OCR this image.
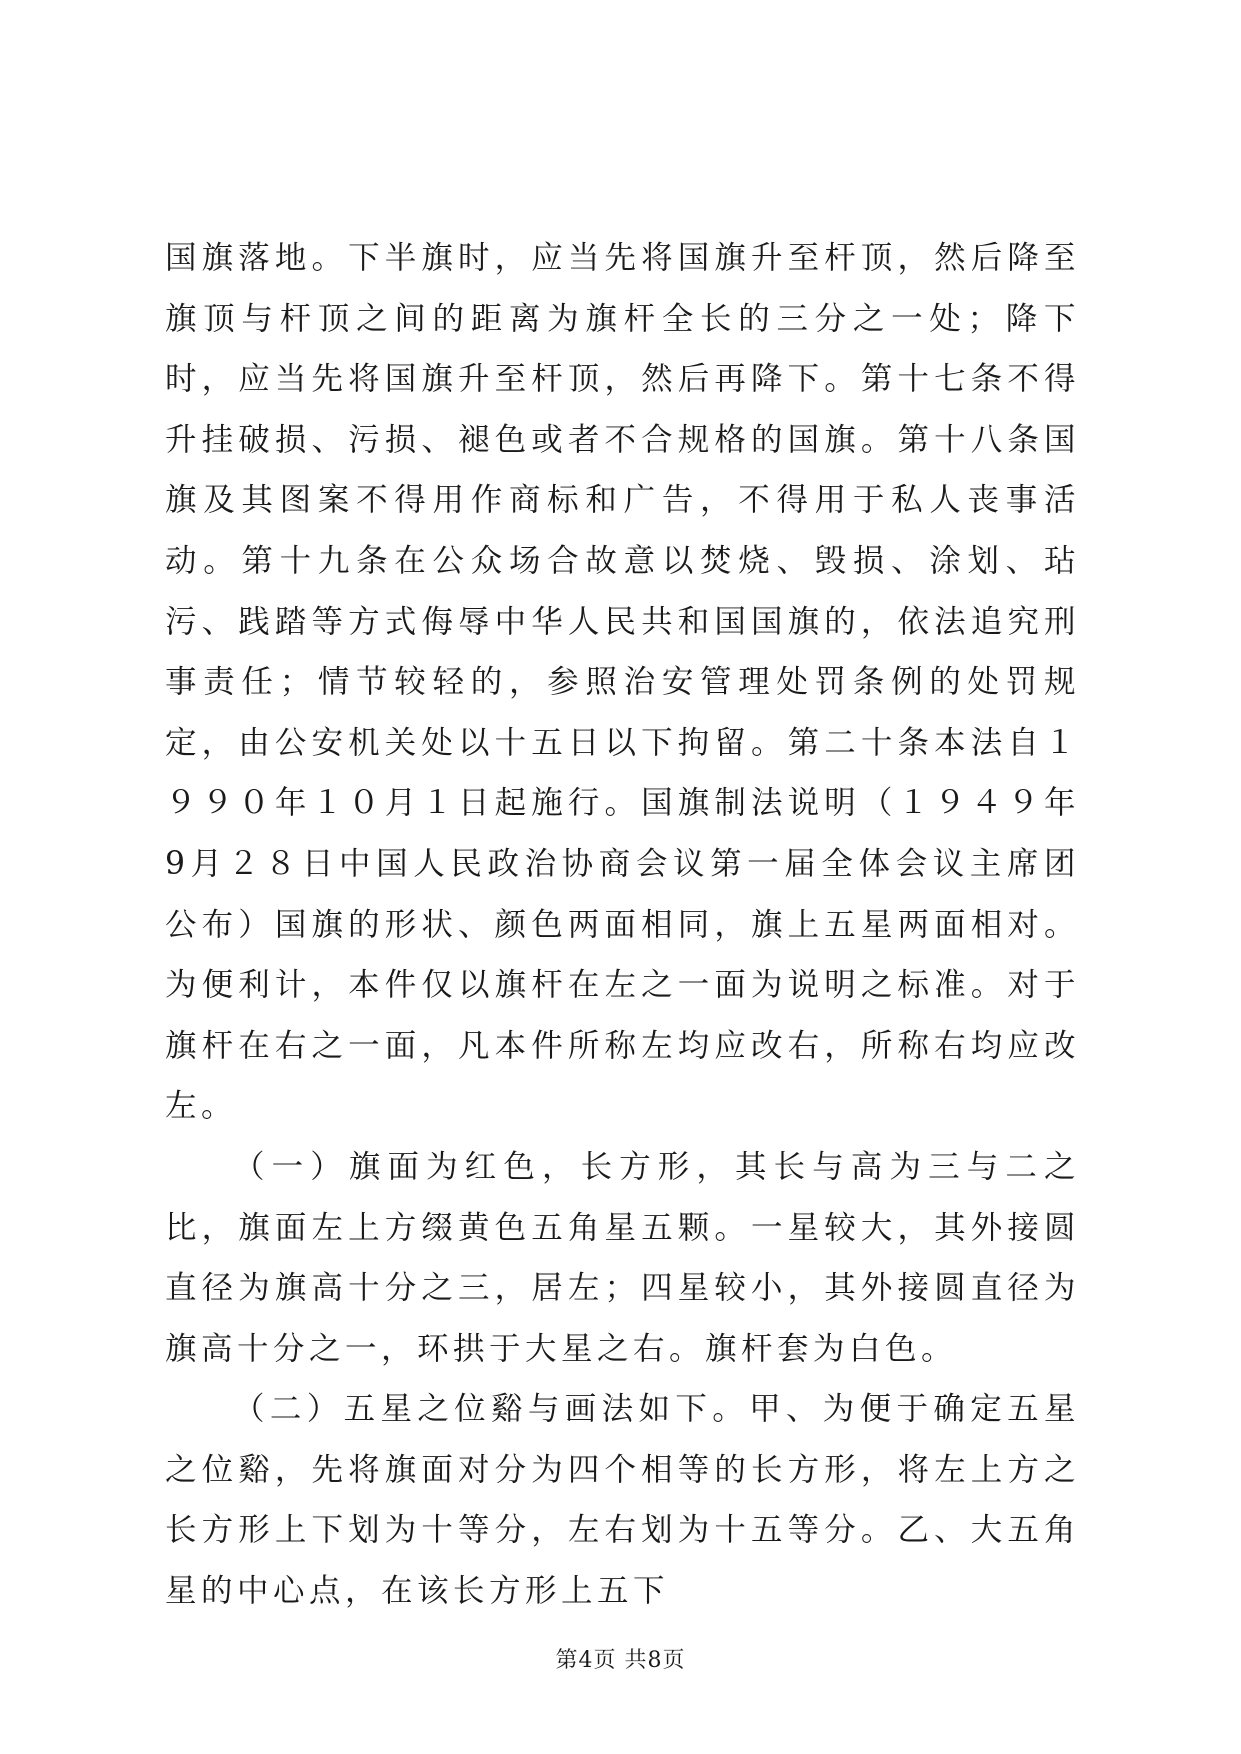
国旗落地。下半旗时，应当先将国旗升至杆顶，然后降至旗顶与杆顶之间的距离为旗杆全长的三分之一处；降下时，应当先将国旗升至杆顶，然后再降下。第十七条不得升挂破损、污损、褪色或者不合规格的国旗。第十八条国旗及其图案不得用作商标和广告，不得用于私人丧事活动。第十九条在公众场合故意以焚烧、毁损、涂划、玷污、践踏等方式侮辱中华人民共和国国旗的，依法追究刑事责任；情节较轻的，参照治安管理处罚条例的处罚规定，由公安机关处以十五日以下拘留。第二十条本法自１９９０年１０月１日起施行。国旗制法说明（１９４９年9月２８日中国人民政治协商会议第一届全体会议主席团公布）国旗的形状、颜色两面相同，旗上五星两面相对。为便利计，本件仅以旗杆在左之一面为说明之标准。对于旗杆在右之一面，凡本件所称左均应改右，所称右均应改左。

（一）旗面为红色，长方形，其长与高为三与二之比，旗面左上方缀黄色五角星五颗。一星较大，其外接圆直径为旗高十分之三，居左；四星较小，其外接圆直径为旗高十分之一，环拱于大星之右。旗杆套为白色。

（二）五星之位谿与画法如下。甲、为便于确定五星之位谿，先将旗面对分为四个相等的长方形，将左上方之长方形上下划为十等分，左右划为十五等分。乙、大五角星的中心点，在该长方形上五下

第4页 共8页
